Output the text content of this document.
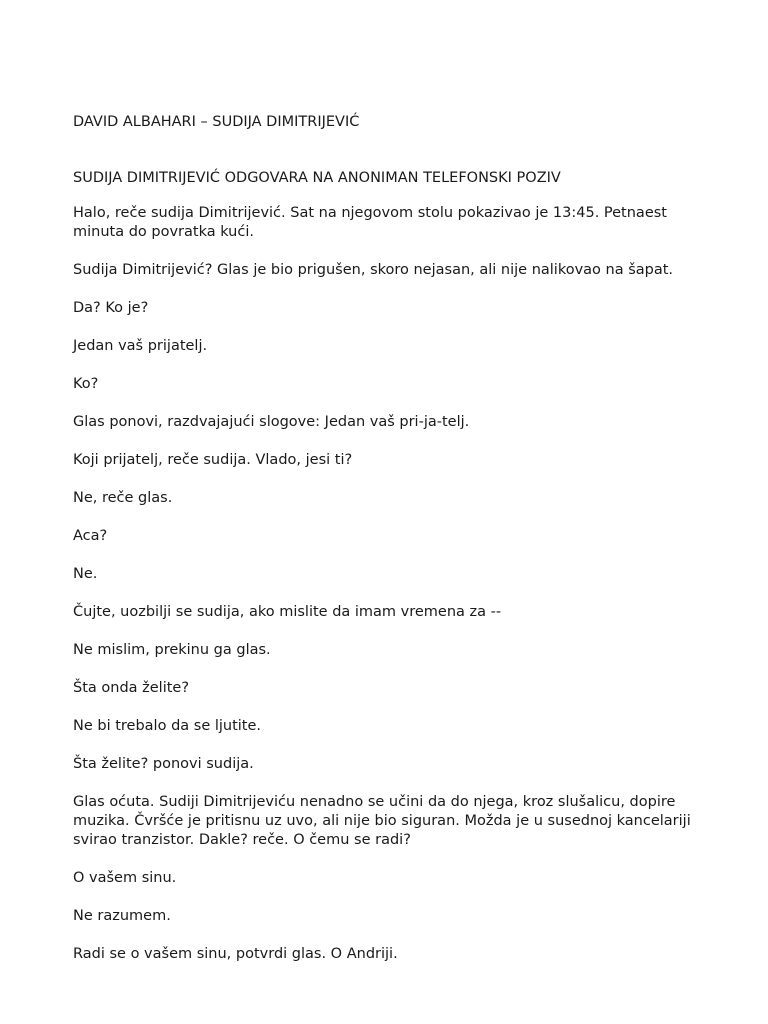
DAVID ALBAHARI – SUDIJA DIMITRIJEVIĆ
SUDIJA DIMITRIJEVIĆ ODGOVARA NA ANONIMAN TELEFONSKI POZIV

Halo, reče sudija Dimitrijević. Sat na njegovom stolu pokazivao je 13:45. Petnaest minuta do povratka kući.

Sudija Dimitrijević? Glas je bio prigušen, skoro nejasan, ali nije nalikovao na šapat.

Da? Ko je?

Jedan vaš prijatelj.

Ko?

Glas ponovi, razdvajajući slogove: Jedan vaš pri-ja-telj.

Koji prijatelj, reče sudija. Vlado, jesi ti?

Ne, reče glas.

Aca?

Ne.

Čujte, uozbilji se sudija, ako mislite da imam vremena za --

Ne mislim, prekinu ga glas.

Šta onda želite?

Ne bi trebalo da se ljutite.

Šta želite? ponovi sudija.

Glas oćuta. Sudiji Dimitrijeviću nenadno se učini da do njega, kroz slušalicu, dopire muzika. Čvršće je pritisnu uz uvo, ali nije bio siguran. Možda je u susednoj kancelariji svirao tranzistor. Dakle? reče. O čemu se radi?

O vašem sinu.

Ne razumem.

Radi se o vašem sinu, potvrdi glas. O Andriji.
